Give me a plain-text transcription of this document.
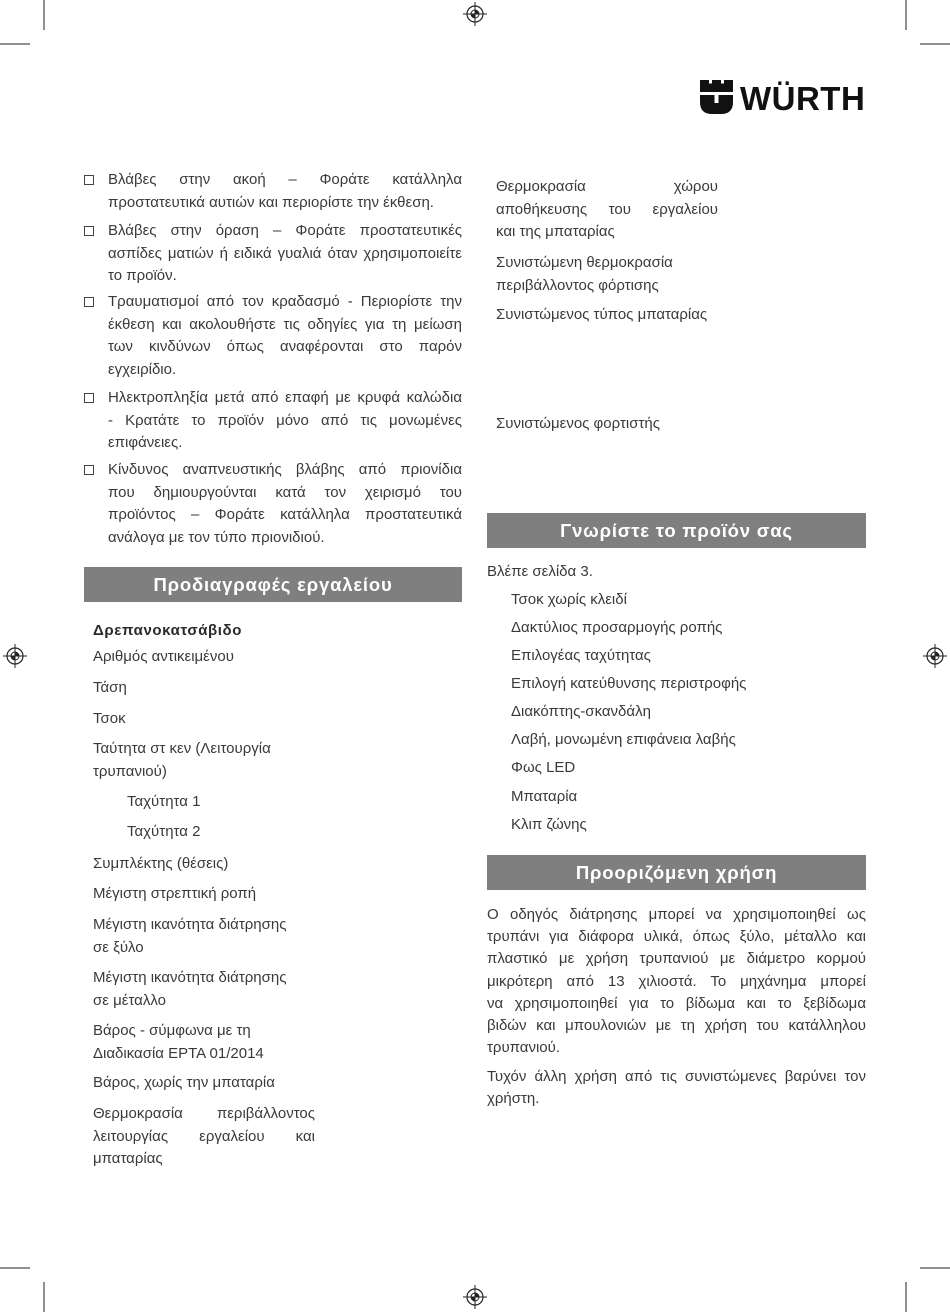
WÜRTH
Βλάβες στην ακοή – Φοράτε κατάλληλα
προστατευτικά αυτιών και περιορίστε την έκθεση.
Βλάβες στην όραση – Φοράτε προστατευτικές
ασπίδες ματιών ή ειδικά γυαλιά όταν χρησιμοποιείτε
το προϊόν.
Τραυματισμοί από τον κραδασμό - Περιορίστε την
έκθεση και ακολουθήστε τις οδηγίες για τη μείωση
των κινδύνων όπως αναφέρονται στο παρόν
εγχειρίδιο.
Ηλεκτροπληξία μετά από επαφή με κρυφά καλώδια
- Κρατάτε το προϊόν μόνο από τις μονωμένες
επιφάνειες.
Κίνδυνος αναπνευστικής βλάβης από πριονίδια
που δημιουργούνται κατά τον χειρισμό του
προϊόντος – Φοράτε κατάλληλα προστατευτικά
ανάλογα με τον τύπο πριονιδιού.
Προδιαγραφές εργαλείου
Δρεπανοκατσάβιδο
Αριθμός αντικειμένου
Τάση
Τσοκ
Ταύτητα στ κεν (Λειτουργία
τρυπανιού)
Ταχύτητα 1
Ταχύτητα 2
Συμπλέκτης (θέσεις)
Μέγιστη στρεπτική ροπή
Μέγιστη ικανότητα διάτρησης
σε ξύλο
Μέγιστη ικανότητα διάτρησης
σε μέταλλο
Βάρος - σύμφωνα με τη
Διαδικασία EPTA 01/2014
Βάρος, χωρίς την μπαταρία
Θερμοκρασία περιβάλλοντος
λειτουργίας εργαλείου και
μπαταρίας
Θερμοκρασία χώρου
αποθήκευσης του εργαλείου
και της μπαταρίας
Συνιστώμενη θερμοκρασία
περιβάλλοντος φόρτισης
Συνιστώμενος τύπος μπαταρίας
Συνιστώμενος φορτιστής
Γνωρίστε το προϊόν σας
Βλέπε σελίδα 3.
Τσοκ χωρίς κλειδί
Δακτύλιος προσαρμογής ροπής
Επιλογέας ταχύτητας
Επιλογή κατεύθυνσης περιστροφής
Διακόπτης-σκανδάλη
Λαβή, μονωμένη επιφάνεια λαβής
Φως LED
Μπαταρία
Κλιπ ζώνης
Προοριζόμενη χρήση
Ο οδηγός διάτρησης μπορεί να χρησιμοποιηθεί ως
τρυπάνι για διάφορα υλικά, όπως ξύλο, μέταλλο και
πλαστικό με χρήση τρυπανιού με διάμετρο κορμού
μικρότερη από 13 χιλιοστά. Το μηχάνημα μπορεί
να χρησιμοποιηθεί για το βίδωμα και το ξεβίδωμα
βιδών και μπουλονιών με τη χρήση του κατάλληλου
τρυπανιού.
Τυχόν άλλη χρήση από τις συνιστώμενες βαρύνει τον
χρήστη.
